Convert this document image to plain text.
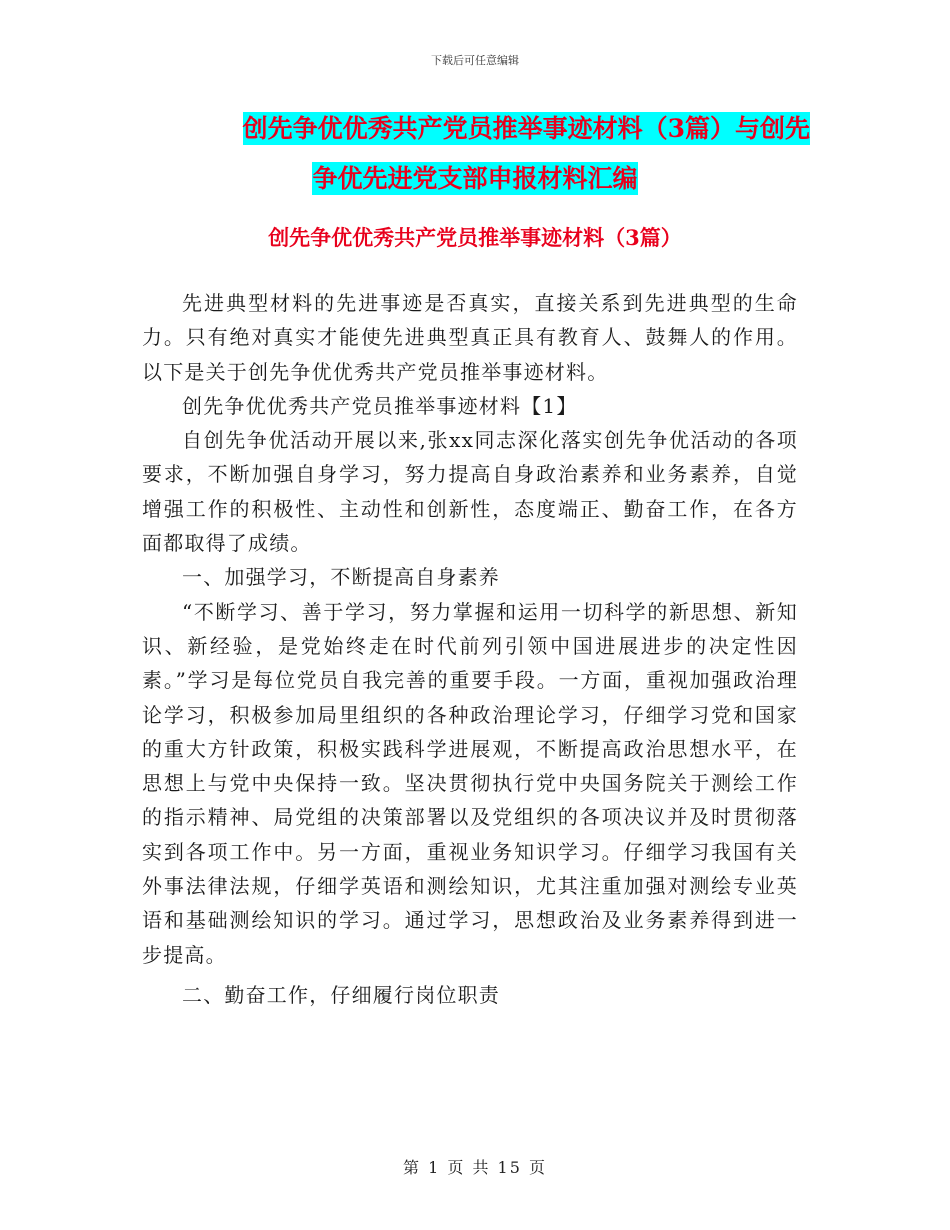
下载后可任意编辑
创先争优优秀共产党员推举事迹材料（3篇）与创先
争优先进党支部申报材料汇编
创先争优优秀共产党员推举事迹材料（3篇）

先进典型材料的先进事迹是否真实，直接关系到先进典型的生命力。只有绝对真实才能使先进典型真正具有教育人、鼓舞人的作用。以下是关于创先争优优秀共产党员推举事迹材料。

创先争优优秀共产党员推举事迹材料【1】

自创先争优活动开展以来,张xx同志深化落实创先争优活动的各项要求，不断加强自身学习，努力提高自身政治素养和业务素养，自觉增强工作的积极性、主动性和创新性，态度端正、勤奋工作，在各方面都取得了成绩。

一、加强学习，不断提高自身素养

“不断学习、善于学习，努力掌握和运用一切科学的新思想、新知识、新经验，是党始终走在时代前列引领中国进展进步的决定性因素。”学习是每位党员自我完善的重要手段。一方面，重视加强政治理论学习，积极参加局里组织的各种政治理论学习，仔细学习党和国家的重大方针政策，积极实践科学进展观，不断提高政治思想水平，在思想上与党中央保持一致。坚决贯彻执行党中央国务院关于测绘工作的指示精神、局党组的决策部署以及党组织的各项决议并及时贯彻落实到各项工作中。另一方面，重视业务知识学习。仔细学习我国有关外事法律法规，仔细学英语和测绘知识，尤其注重加强对测绘专业英语和基础测绘知识的学习。通过学习，思想政治及业务素养得到进一步提高。

二、勤奋工作，仔细履行岗位职责

第 1 页 共 15 页
